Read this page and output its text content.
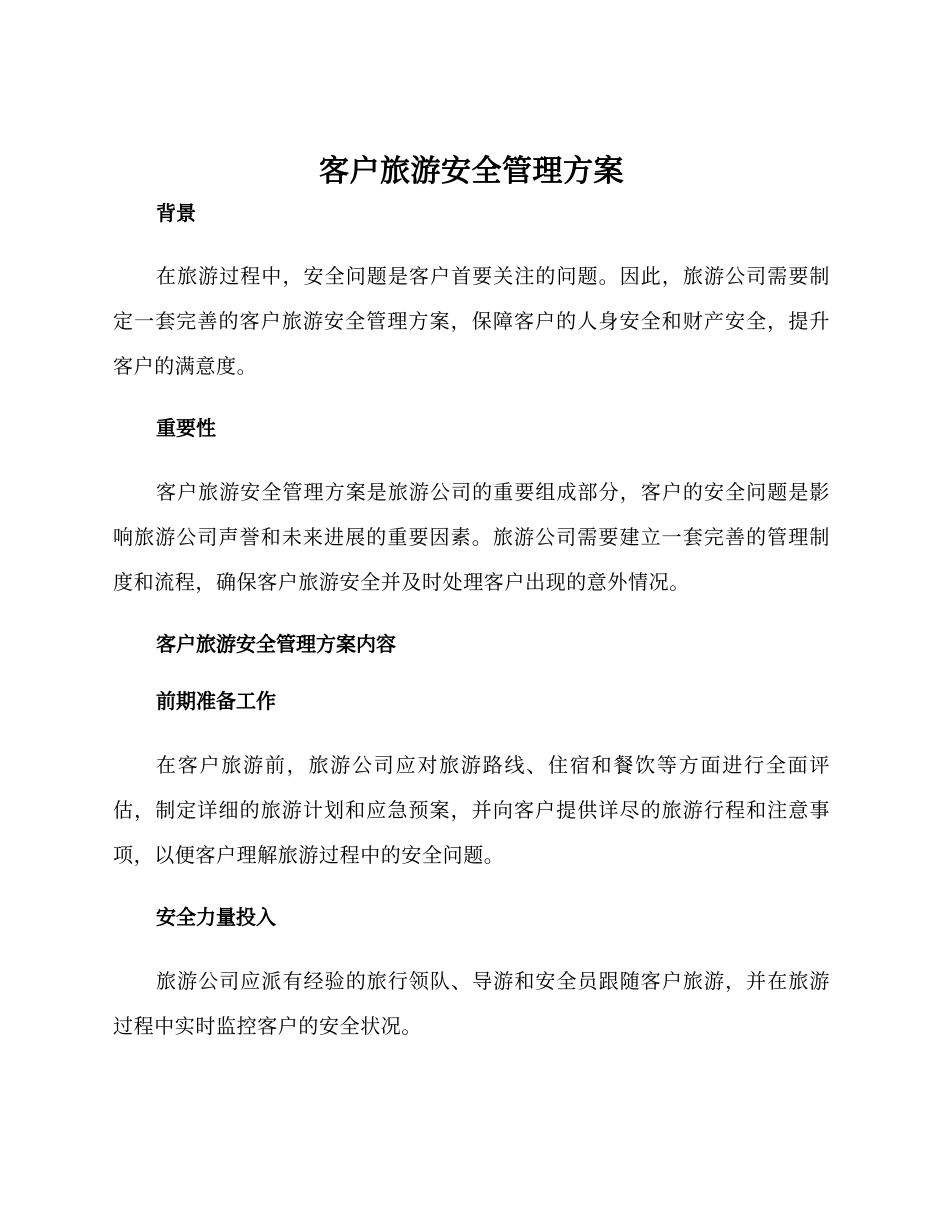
客户旅游安全管理方案
背景

在旅游过程中，安全问题是客户首要关注的问题。因此，旅游公司需要制定一套完善的客户旅游安全管理方案，保障客户的人身安全和财产安全，提升客户的满意度。

重要性

客户旅游安全管理方案是旅游公司的重要组成部分，客户的安全问题是影响旅游公司声誉和未来进展的重要因素。旅游公司需要建立一套完善的管理制度和流程，确保客户旅游安全并及时处理客户出现的意外情况。

客户旅游安全管理方案内容
前期准备工作

在客户旅游前，旅游公司应对旅游路线、住宿和餐饮等方面进行全面评估，制定详细的旅游计划和应急预案，并向客户提供详尽的旅游行程和注意事项，以便客户理解旅游过程中的安全问题。

安全力量投入

旅游公司应派有经验的旅行领队、导游和安全员跟随客户旅游，并在旅游过程中实时监控客户的安全状况。
